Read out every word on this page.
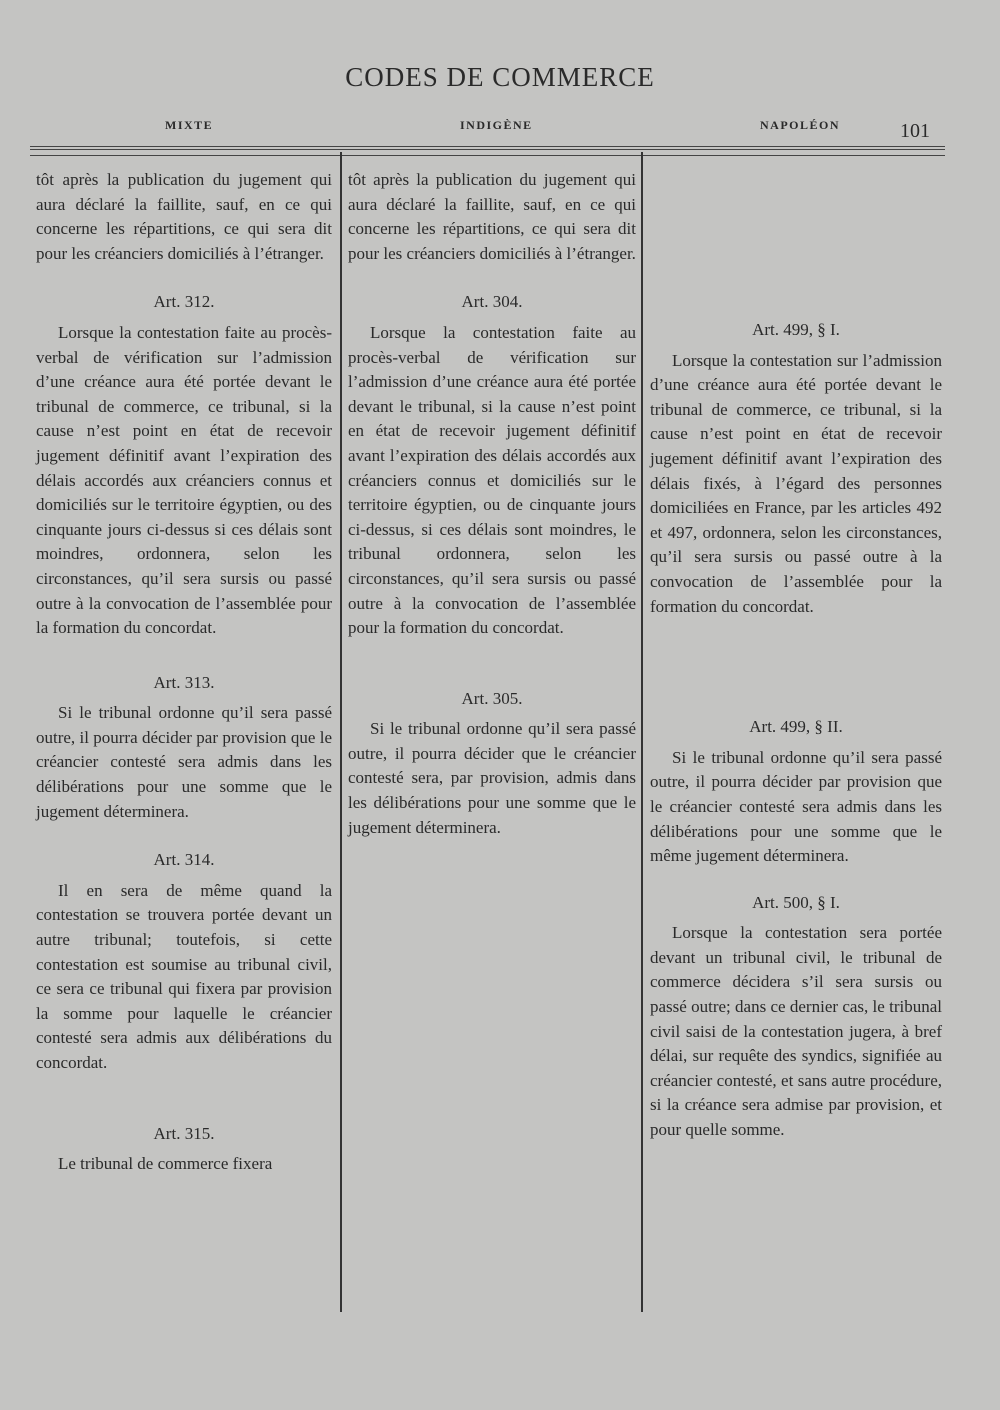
CODES DE COMMERCE
MIXTE	INDIGÈNE	NAPOLÉON	101

tôt après la publication du jugement qui aura déclaré la faillite, sauf, en ce qui concerne les répartitions, ce qui sera dit pour les créanciers domiciliés à l’étranger.

Art. 312.

Lorsque la contestation faite au procès-verbal de vérification sur l’admission d’une créance aura été portée devant le tribunal de commerce, ce tribunal, si la cause n’est point en état de recevoir jugement définitif avant l’expiration des délais accordés aux créanciers connus et domiciliés sur le territoire égyptien, ou des cinquante jours ci-dessus si ces délais sont moindres, ordonnera, selon les circonstances, qu’il sera sursis ou passé outre à la convocation de l’assemblée pour la formation du concordat.

Art. 313.

Si le tribunal ordonne qu’il sera passé outre, il pourra décider par provision que le créancier contesté sera admis dans les délibérations pour une somme que le jugement déterminera.

Art. 314.

Il en sera de même quand la contestation se trouvera portée devant un autre tribunal; toutefois, si cette contestation est soumise au tribunal civil, ce sera ce tribunal qui fixera par provision la somme pour laquelle le créancier contesté sera admis aux délibérations du concordat.

Art. 315.

Le tribunal de commerce fixera

tôt après la publication du jugement qui aura déclaré la faillite, sauf, en ce qui concerne les répartitions, ce qui sera dit pour les créanciers domiciliés à l’étranger.

Art. 304.

Lorsque la contestation faite au procès-verbal de vérification sur l’admission d’une créance aura été portée devant le tribunal, si la cause n’est point en état de recevoir jugement définitif avant l’expiration des délais accordés aux créanciers connus et domiciliés sur le territoire égyptien, ou de cinquante jours ci-dessus, si ces délais sont moindres, le tribunal ordonnera, selon les circonstances, qu’il sera sursis ou passé outre à la convocation de l’assemblée pour la formation du concordat.

Art. 305.

Si le tribunal ordonne qu’il sera passé outre, il pourra décider que le créancier contesté sera, par provision, admis dans les délibérations pour une somme que le jugement déterminera.

Art. 499, § I.

Lorsque la contestation sur l’admission d’une créance aura été portée devant le tribunal de commerce, ce tribunal, si la cause n’est point en état de recevoir jugement définitif avant l’expiration des délais fixés, à l’égard des personnes domiciliées en France, par les articles 492 et 497, ordonnera, selon les circonstances, qu’il sera sursis ou passé outre à la convocation de l’assemblée pour la formation du concordat.

Art. 499, § II.

Si le tribunal ordonne qu’il sera passé outre, il pourra décider par provision que le créancier contesté sera admis dans les délibérations pour une somme que le même jugement déterminera.

Art. 500, § I.

Lorsque la contestation sera portée devant un tribunal civil, le tribunal de commerce décidera s’il sera sursis ou passé outre; dans ce dernier cas, le tribunal civil saisi de la contestation jugera, à bref délai, sur requête des syndics, signifiée au créancier contesté, et sans autre procédure, si la créance sera admise par provision, et pour quelle somme.
